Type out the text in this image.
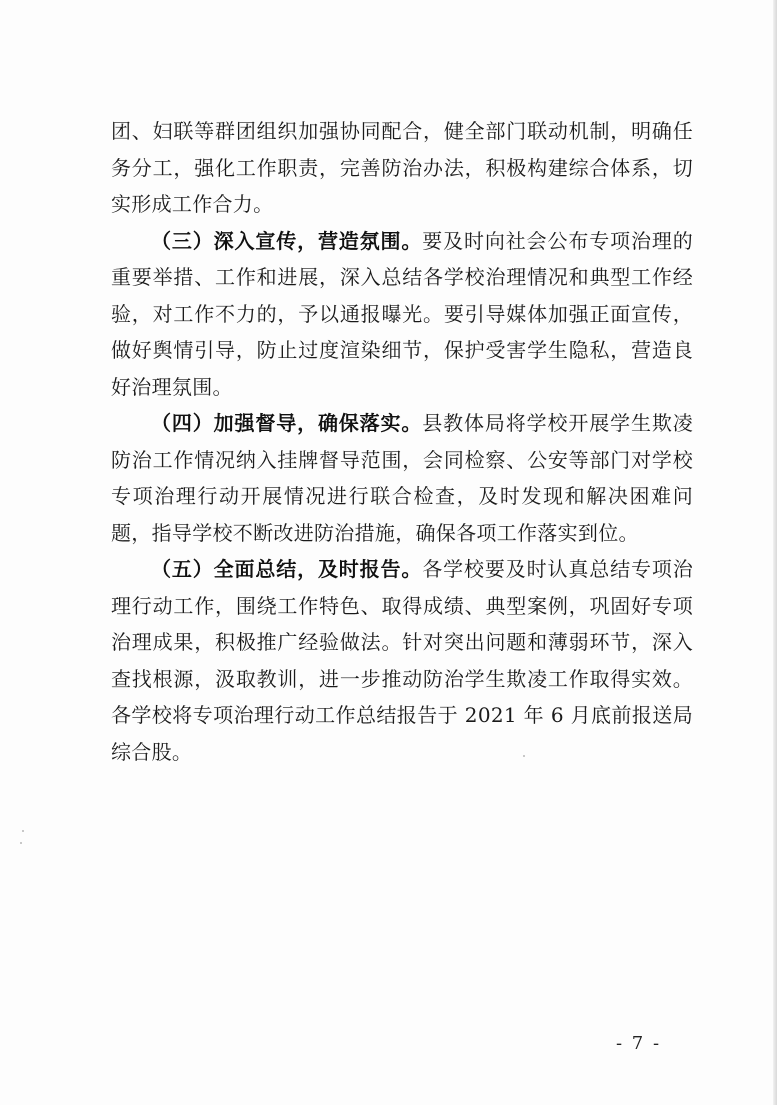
团、妇联等群团组织加强协同配合，健全部门联动机制，明确任务分工，强化工作职责，完善防治办法，积极构建综合体系，切实形成工作合力。

（三）深入宣传，营造氛围。要及时向社会公布专项治理的重要举措、工作和进展，深入总结各学校治理情况和典型工作经验，对工作不力的，予以通报曝光。要引导媒体加强正面宣传，做好舆情引导，防止过度渲染细节，保护受害学生隐私，营造良好治理氛围。

（四）加强督导，确保落实。县教体局将学校开展学生欺凌防治工作情况纳入挂牌督导范围，会同检察、公安等部门对学校专项治理行动开展情况进行联合检查，及时发现和解决困难问题，指导学校不断改进防治措施，确保各项工作落实到位。

（五）全面总结，及时报告。各学校要及时认真总结专项治理行动工作，围绕工作特色、取得成绩、典型案例，巩固好专项治理成果，积极推广经验做法。针对突出问题和薄弱环节，深入查找根源，汲取教训，进一步推动防治学生欺凌工作取得实效。各学校将专项治理行动工作总结报告于 2021 年 6 月底前报送局综合股。

- 7 -
